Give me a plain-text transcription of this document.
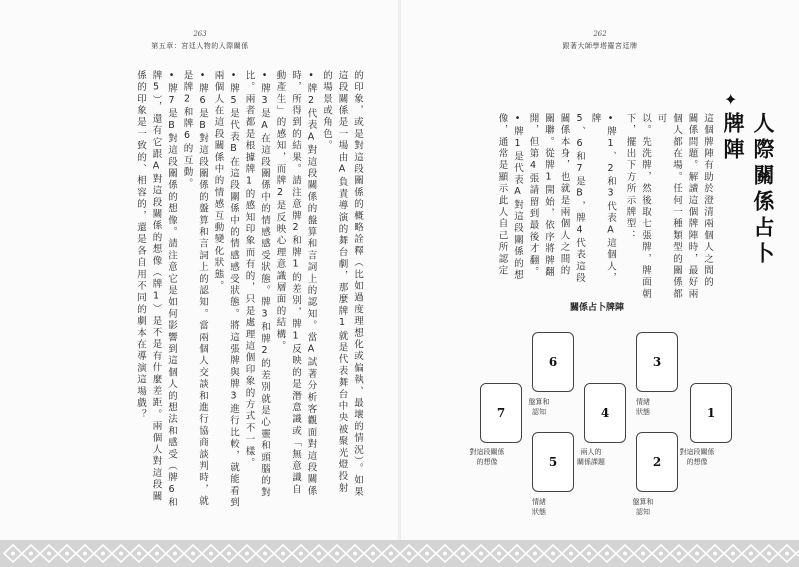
263
第五章：宮廷人物的人際關係

的印象，或是對這段關係的概略詮釋（比如過度理想化或偏執、最壞的情況）。如果

這段關係是一場由A負責導演的舞台劇，那麼牌1就是代表舞台中央被聚光燈投射

的場景或角色。

•牌2代表A對這段關係的盤算和言詞上的認知。當A試著分析客觀面對這段關係

時，所得到的結果。請注意牌2和牌1的差別，牌1反映的是潛意識或「無意識自

動產生」的感知，而牌2是反映心理意識層面的結構。

•牌3是A在這段關係中的情感感受狀態。牌3和牌2的差別就是心靈和頭腦的對

比。兩者都是根據牌1的感知印象而有的，只是處理這個印象的方式不一樣。

•牌5是代表B在這段關係中的情感感受狀態。將這張牌與牌3進行比較，就能看到

兩個人在這段關係中的情感互動變化狀態。

•牌6是B對這段關係的盤算和言詞上的認知。當兩個人交談和進行協商談判時，就

是牌2和牌6的互動。

•牌7是B對這段關係的想像。請注意它是如何影響到這個人的想法和感受（牌6和

牌5），還有它跟A對這段關係的想像（牌1）是不是有什麼差距。兩個人對這段關

係的印象是一致的、相容的，還是各自用不同的劇本在導演這場戲？

262
跟著大師學塔羅宮廷牌
✦
人際關係占卜牌陣

這個牌陣有助於澄清兩個人之間的

關係問題。解讀這個牌陣時，最好兩

個人都在場。任何一種類型的關係都可

以。先洗牌，然後取七張牌，牌面朝

下，擺出下方所示牌型：

•牌1、2和3代表A這個人，牌

5、6和7是B，牌4代表這段

關係本身，也就是兩個人之間的

關聯。從牌1開始，依序將牌翻

開，但第4張請留到最後才翻。

•牌1是代表A對這段關係的想

像，通常是顯示此人自己所認定

關係占卜牌陣
7
對這段關係
的想像
6
盤算和
認知
5
情緒
狀態
4
兩人的
關係課題
3
情緒
狀態
2
盤算和
認知
1
對這段關係
的想像
